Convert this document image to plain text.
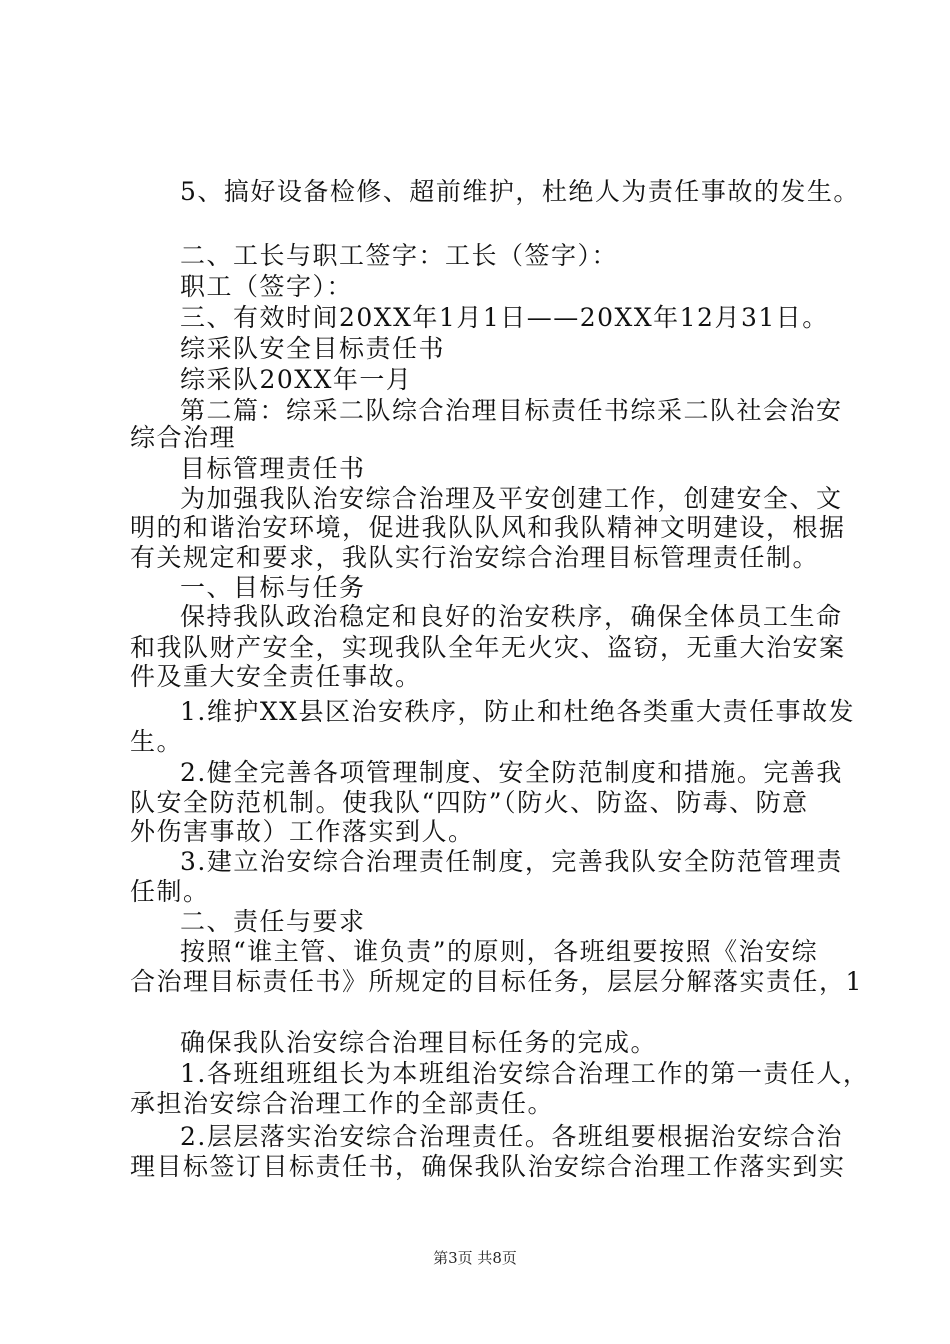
5、搞好设备检修、超前维护，杜绝人为责任事故的发生。
二、工长与职工签字：工长（签字）：
职工（签字）：
三、有效时间20XX年1月1日——20XX年12月31日。
综采队安全目标责任书
综采队20XX年一月
第二篇：综采二队综合治理目标责任书综采二队社会治安
综合治理
目标管理责任书
为加强我队治安综合治理及平安创建工作，创建安全、文
明的和谐治安环境，促进我队队风和我队精神文明建设，根据
有关规定和要求，我队实行治安综合治理目标管理责任制。
一、目标与任务
保持我队政治稳定和良好的治安秩序，确保全体员工生命
和我队财产安全，实现我队全年无火灾、盗窃，无重大治安案
件及重大安全责任事故。
1.维护XX县区治安秩序，防止和杜绝各类重大责任事故发
生。
2.健全完善各项管理制度、安全防范制度和措施。完善我
队安全防范机制。使我队“四防”（防火、防盗、防毒、防意
外伤害事故）工作落实到人。
3.建立治安综合治理责任制度，完善我队安全防范管理责
任制。
二、责任与要求
按照“谁主管、谁负责”的原则，各班组要按照《治安综
合治理目标责任书》所规定的目标任务，层层分解落实责任，1
确保我队治安综合治理目标任务的完成。
1.各班组班组长为本班组治安综合治理工作的第一责任人，
承担治安综合治理工作的全部责任。
2.层层落实治安综合治理责任。各班组要根据治安综合治
理目标签订目标责任书，确保我队治安综合治理工作落实到实
第3页 共8页
